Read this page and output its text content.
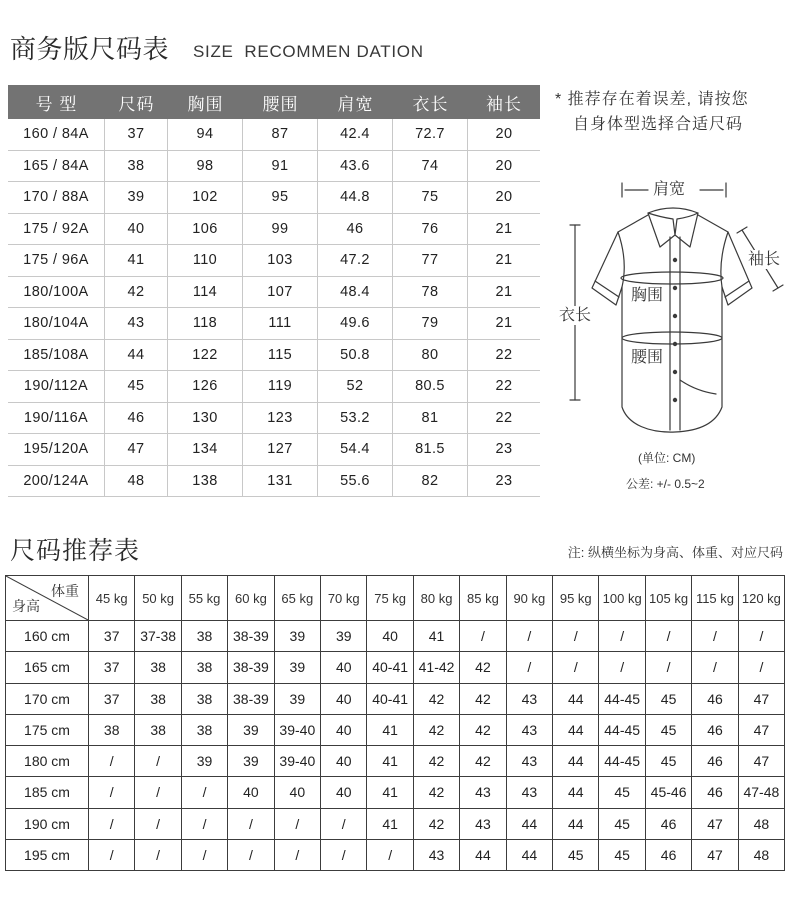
商务版尺码表 SIZE  RECOMMEN DATION
号 型	尺码	胸围	腰围	肩宽	衣长	袖长
160 / 84A	37	94	87	42.4	72.7	20
165 / 84A	38	98	91	43.6	74	20
170 / 88A	39	102	95	44.8	75	20
175 / 92A	40	106	99	46	76	21
175 / 96A	41	110	103	47.2	77	21
180/100A	42	114	107	48.4	78	21
180/104A	43	118	111	49.6	79	21
185/108A	44	122	115	50.8	80	22
190/112A	45	126	119	52	80.5	22
190/116A	46	130	123	53.2	81	22
195/120A	47	134	127	54.4	81.5	23
200/124A	48	138	131	55.6	82	23
* 推荐存在着误差, 请按您
自身体型选择合适尺码
肩宽
衣长
袖长
胸围
腰围
(单位: CM)
公差: +/- 0.5~2
尺码推荐表	注: 纵横坐标为身高、体重、对应尺码
体重
身高	45 kg	50 kg	55 kg	60 kg	65 kg	70 kg	75 kg	80 kg	85 kg	90 kg	95 kg 100 kg 105 kg 115 kg 120 kg
160 cm	37	37-38	38	38-39	39	39	40	41	/	/	/	/	/	/	/
165 cm	37	38	38	38-39	39	40	40-41 41-42	42	/	/	/	/	/	/
170 cm	37	38	38	38-39	39	40	40-41	42	42	43	44	44-45	45	46	47
175 cm	38	38	38	39	39-40	40	41	42	42	43	44	44-45	45	46	47
180 cm	/	/	39	39	39-40	40	41	42	42	43	44	44-45	45	46	47
185 cm	/	/	/	40	40	40	41	42	43	43	44	45	45-46	46	47-48
190 cm	/	/	/	/	/	/	41	42	43	44	44	45	46	47	48
195 cm	/	/	/	/	/	/	/	43	44	44	45	45	46	47	48
